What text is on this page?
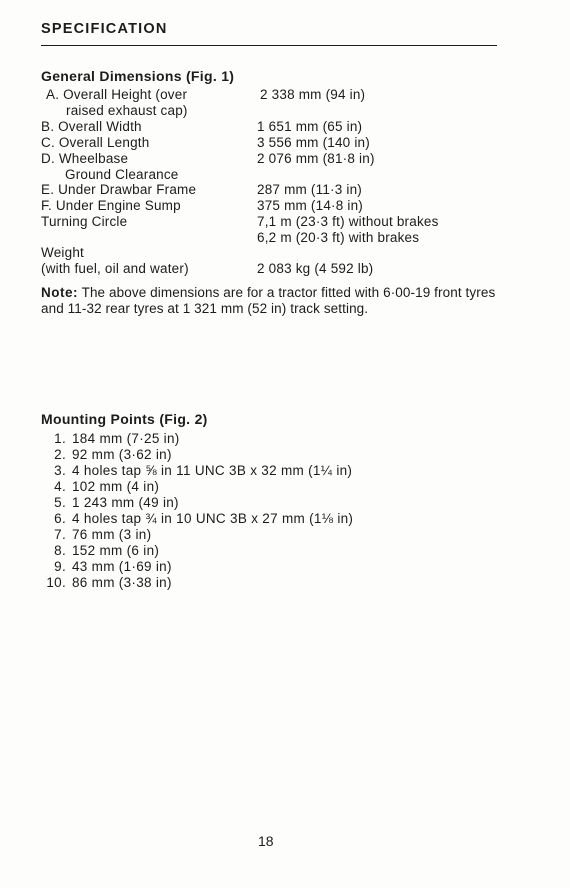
SPECIFICATION
General Dimensions (Fig. 1)
A. Overall Height (over	2 338 mm (94 in)
raised exhaust cap)
B. Overall Width	1 651 mm (65 in)
C. Overall Length	3 556 mm (140 in)
D. Wheelbase	2 076 mm (81·8 in)
Ground Clearance
E. Under Drawbar Frame	287 mm (11·3 in)
F. Under Engine Sump	375 mm (14·8 in)
Turning Circle	7,1 m (23·3 ft) without brakes
6,2 m (20·3 ft) with brakes
Weight
(with fuel, oil and water)	2 083 kg (4 592 lb)
Note: The above dimensions are for a tractor fitted with 6·00-19 front tyres and 11-32 rear tyres at 1 321 mm (52 in) track setting.
Mounting Points (Fig. 2)
1. 184 mm (7·25 in)
2. 92 mm (3·62 in)
3. 4 holes tap ⅝ in 11 UNC 3B x 32 mm (1¼ in)
4. 102 mm (4 in)
5. 1 243 mm (49 in)
6. 4 holes tap ¾ in 10 UNC 3B x 27 mm (1⅛ in)
7. 76 mm (3 in)
8. 152 mm (6 in)
9. 43 mm (1·69 in)
10. 86 mm (3·38 in)
18
